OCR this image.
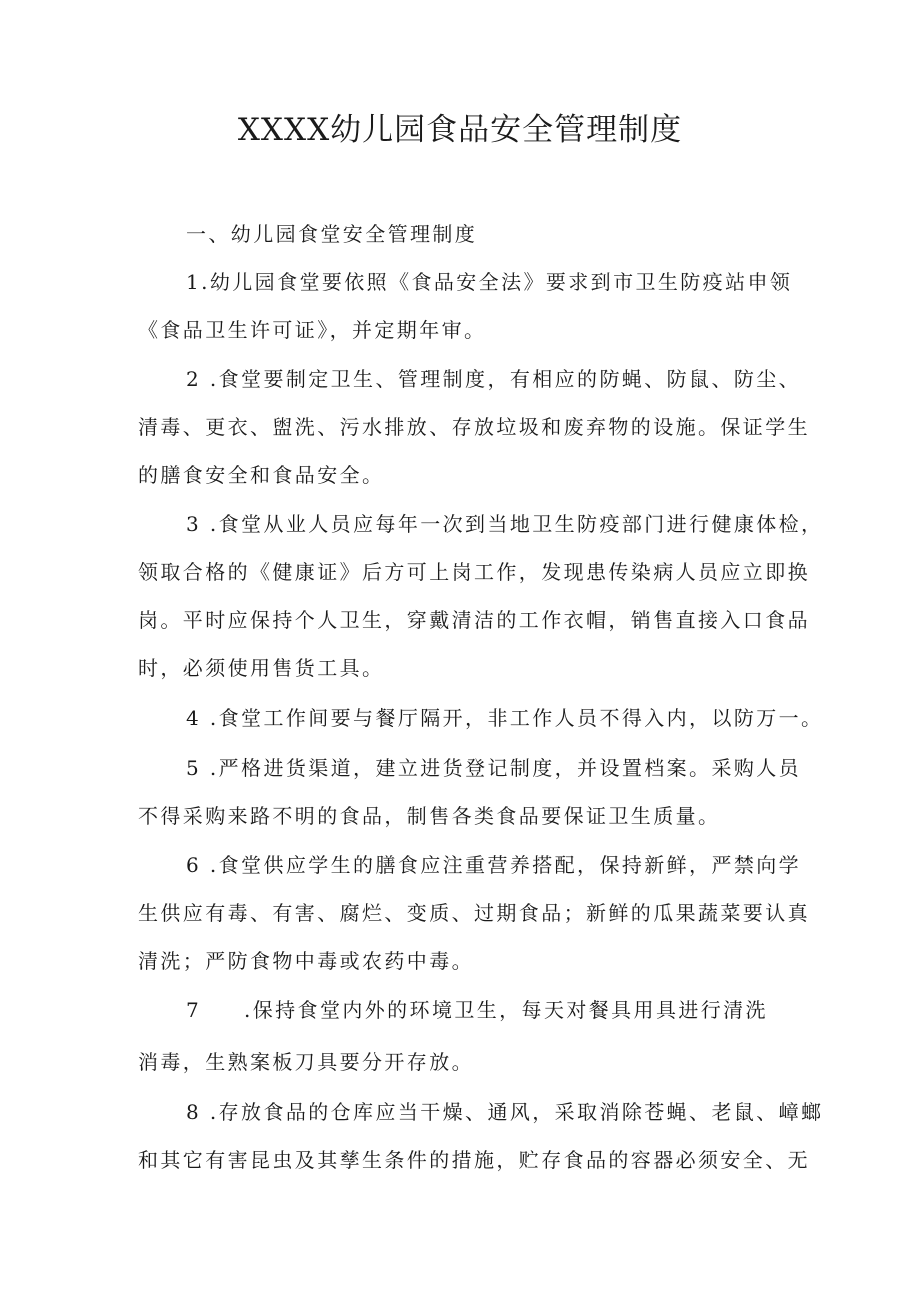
XXXX幼儿园食品安全管理制度
一、幼儿园食堂安全管理制度
1.幼儿园食堂要依照《食品安全法》要求到市卫生防疫站申领
《食品卫生许可证》，并定期年审。
2 .食堂要制定卫生、管理制度，有相应的防蝇、防鼠、防尘、
清毒、更衣、盥洗、污水排放、存放垃圾和废弃物的设施。保证学生
的膳食安全和食品安全。
3 .食堂从业人员应每年一次到当地卫生防疫部门进行健康体检，
领取合格的《健康证》后方可上岗工作，发现患传染病人员应立即换
岗。平时应保持个人卫生，穿戴清洁的工作衣帽，销售直接入口食品
时，必须使用售货工具。
4 .食堂工作间要与餐厅隔开，非工作人员不得入内，以防万一。
5 .严格进货渠道，建立进货登记制度，并设置档案。采购人员
不得采购来路不明的食品，制售各类食品要保证卫生质量。
6 .食堂供应学生的膳食应注重营养搭配，保持新鲜，严禁向学
生供应有毒、有害、腐烂、变质、过期食品；新鲜的瓜果蔬菜要认真
清洗；严防食物中毒或农药中毒。
7 .保持食堂内外的环境卫生，每天对餐具用具进行清洗
消毒，生熟案板刀具要分开存放。
8 .存放食品的仓库应当干燥、通风，采取消除苍蝇、老鼠、嶂螂
和其它有害昆虫及其孳生条件的措施，贮存食品的容器必须安全、无
